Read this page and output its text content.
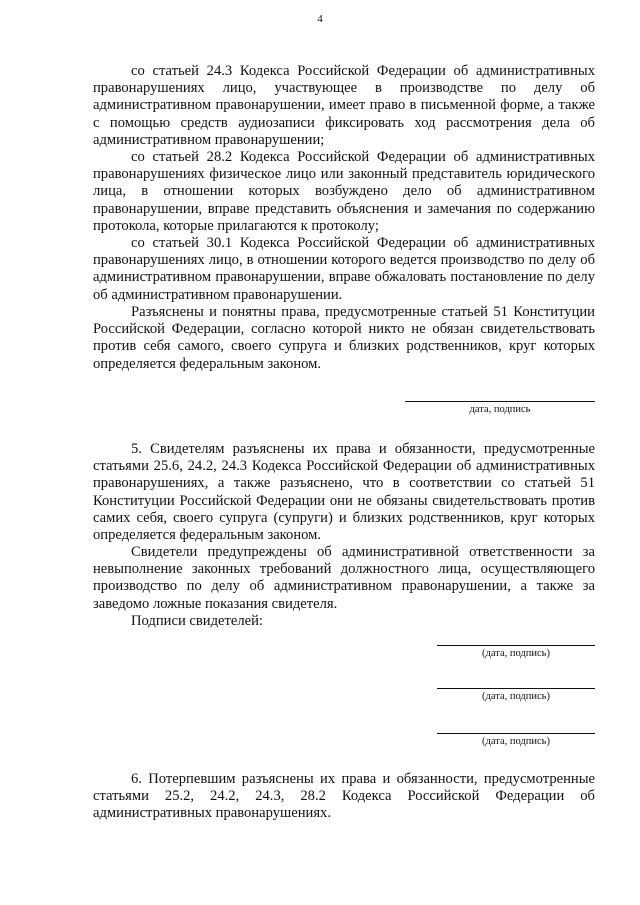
4

со статьей 24.3 Кодекса Российской Федерации об административных правонарушениях лицо, участвующее в производстве по делу об административном правонарушении, имеет право в письменной форме, а также с помощью средств аудиозаписи фиксировать ход рассмотрения дела об административном правонарушении;

со статьей 28.2 Кодекса Российской Федерации об административных правонарушениях физическое лицо или законный представитель юридического лица, в отношении которых возбуждено дело об административном правонарушении, вправе представить объяснения и замечания по содержанию протокола, которые прилагаются к протоколу;

со статьей 30.1 Кодекса Российской Федерации об административных правонарушениях лицо, в отношении которого ведется производство по делу об административном правонарушении, вправе обжаловать постановление по делу об административном правонарушении.

Разъяснены и понятны права, предусмотренные статьей 51 Конституции Российской Федерации, согласно которой никто не обязан свидетельствовать против себя самого, своего супруга и близких родственников, круг которых определяется федеральным законом.

дата, подпись

5. Свидетелям разъяснены их права и обязанности, предусмотренные статьями 25.6, 24.2, 24.3 Кодекса Российской Федерации об административных правонарушениях, а также разъяснено, что в соответствии со статьей 51 Конституции Российской Федерации они не обязаны свидетельствовать против самих себя, своего супруга (супруги) и близких родственников, круг которых определяется федеральным законом.

Свидетели предупреждены об административной ответственности за невыполнение законных требований должностного лица, осуществляющего производство по делу об административном правонарушении, а также за заведомо ложные показания свидетеля.

Подписи свидетелей:

(дата, подпись)
(дата, подпись)
(дата, подпись)

6. Потерпевшим разъяснены их права и обязанности, предусмотренные статьями 25.2, 24.2, 24.3, 28.2 Кодекса Российской Федерации об административных правонарушениях.
